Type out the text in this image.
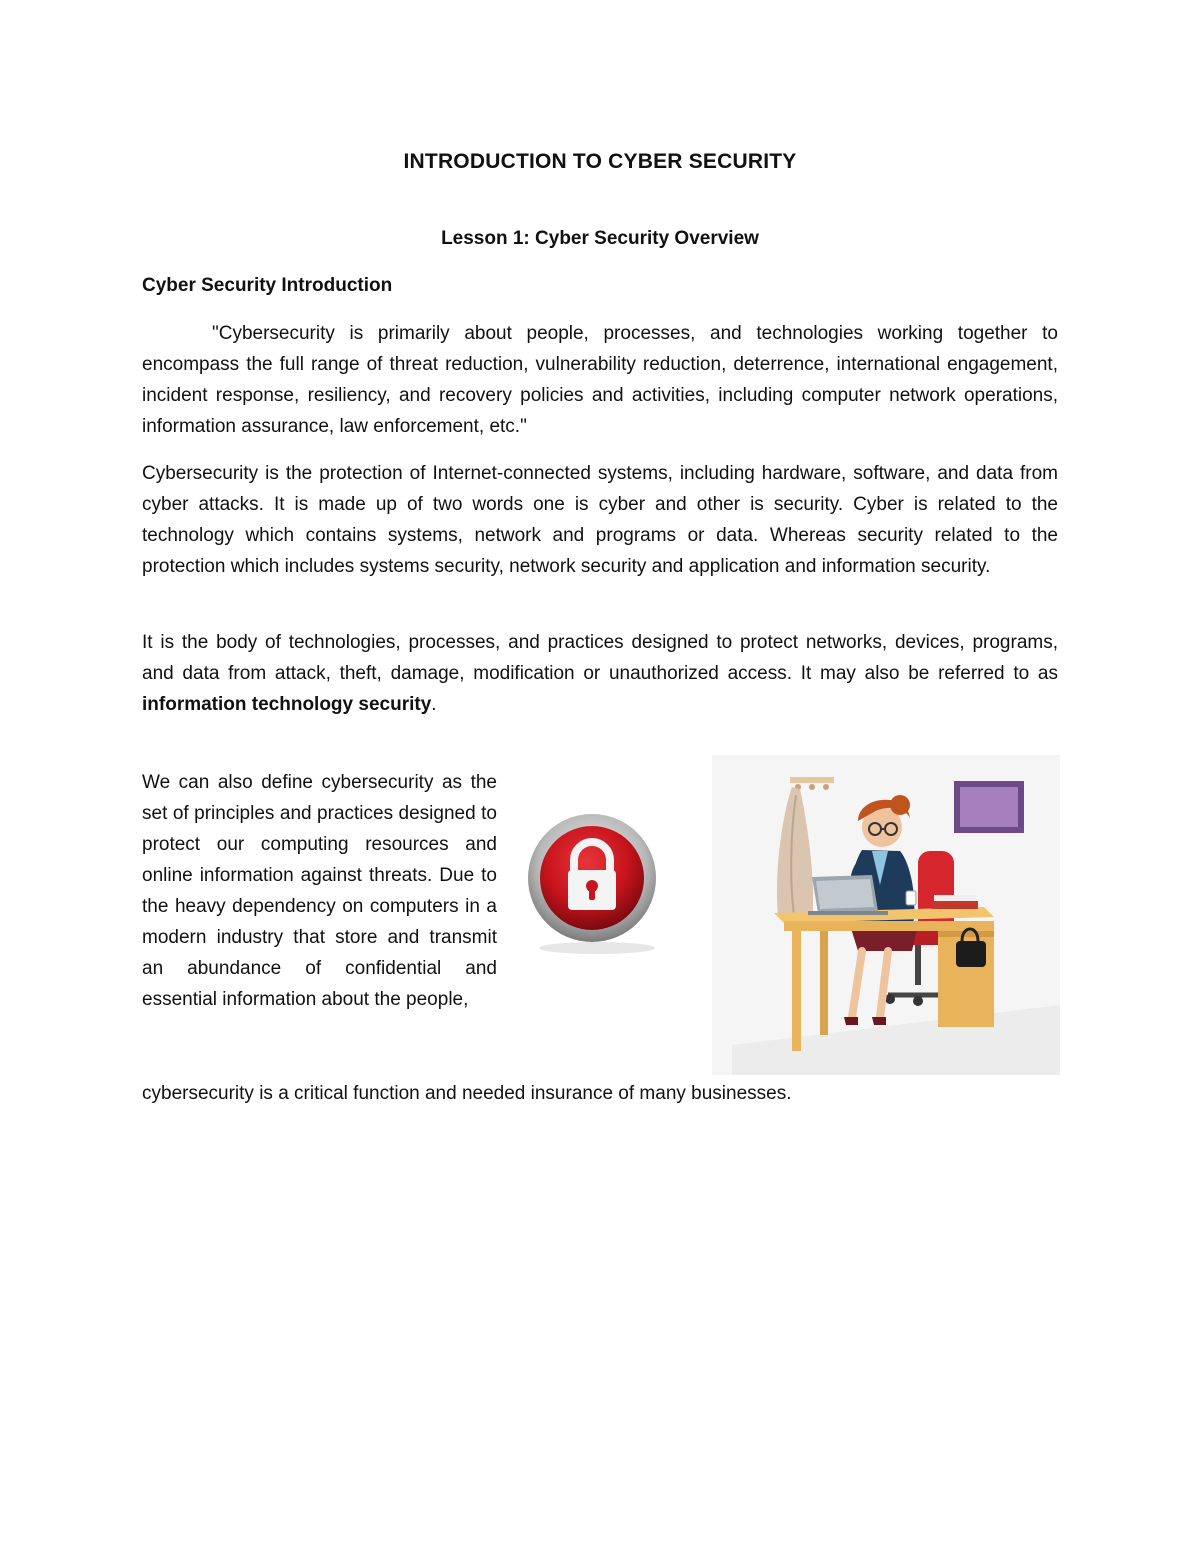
INTRODUCTION TO CYBER SECURITY
Lesson 1: Cyber Security Overview
Cyber Security Introduction
"Cybersecurity is primarily about people, processes, and technologies working together to encompass the full range of threat reduction, vulnerability reduction, deterrence, international engagement, incident response, resiliency, and recovery policies and activities, including computer network operations, information assurance, law enforcement, etc."
Cybersecurity is the protection of Internet-connected systems, including hardware, software, and data from cyber attacks. It is made up of two words one is cyber and other is security. Cyber is related to the technology which contains systems, network and programs or data. Whereas security related to the protection which includes systems security, network security and application and information security.
It is the body of technologies, processes, and practices designed to protect networks, devices, programs, and data from attack, theft, damage, modification or unauthorized access. It may also be referred to as information technology security.
We can also define cybersecurity as the set of principles and practices designed to protect our computing resources and online information against threats. Due to the heavy dependency on computers in a modern industry that store and transmit an abundance of confidential and essential information about the people,
cybersecurity is a critical function and needed insurance of many businesses.
